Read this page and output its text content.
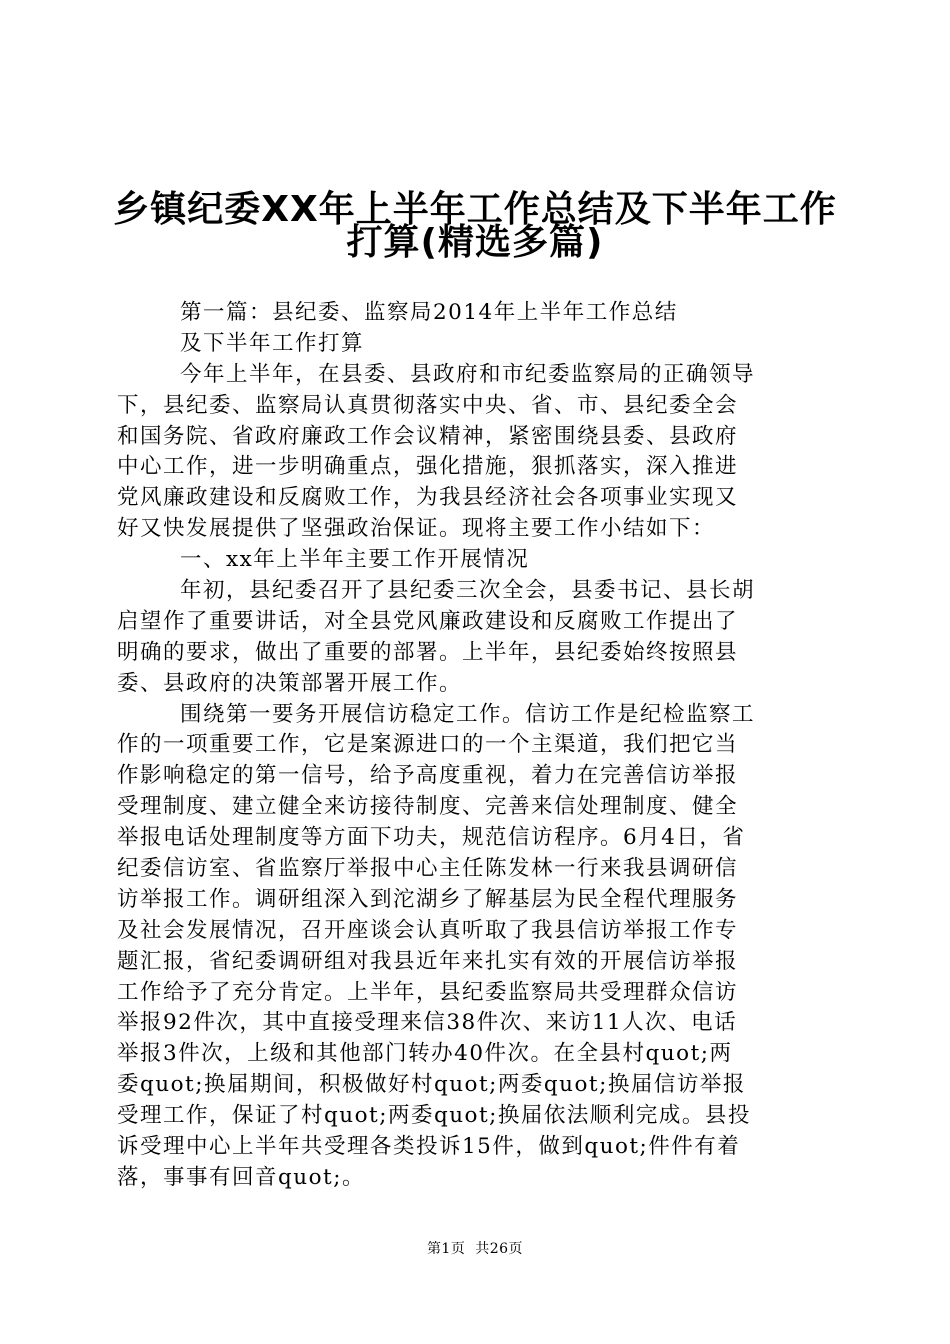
乡镇纪委XX年上半年工作总结及下半年工作
打算(精选多篇)
第一篇：县纪委、监察局2014年上半年工作总结
及下半年工作打算
今年上半年，在县委、县政府和市纪委监察局的正确领导
下，县纪委、监察局认真贯彻落实中央、省、市、县纪委全会
和国务院、省政府廉政工作会议精神，紧密围绕县委、县政府
中心工作，进一步明确重点，强化措施，狠抓落实，深入推进
党风廉政建设和反腐败工作，为我县经济社会各项事业实现又
好又快发展提供了坚强政治保证。现将主要工作小结如下：
一、xx年上半年主要工作开展情况
年初，县纪委召开了县纪委三次全会，县委书记、县长胡
启望作了重要讲话，对全县党风廉政建设和反腐败工作提出了
明确的要求，做出了重要的部署。上半年，县纪委始终按照县
委、县政府的决策部署开展工作。
围绕第一要务开展信访稳定工作。信访工作是纪检监察工
作的一项重要工作，它是案源进口的一个主渠道，我们把它当
作影响稳定的第一信号，给予高度重视，着力在完善信访举报
受理制度、建立健全来访接待制度、完善来信处理制度、健全
举报电话处理制度等方面下功夫，规范信访程序。6月4日，省
纪委信访室、省监察厅举报中心主任陈发林一行来我县调研信
访举报工作。调研组深入到沱湖乡了解基层为民全程代理服务
及社会发展情况，召开座谈会认真听取了我县信访举报工作专
题汇报，省纪委调研组对我县近年来扎实有效的开展信访举报
工作给予了充分肯定。上半年，县纪委监察局共受理群众信访
举报92件次，其中直接受理来信38件次、来访11人次、电话
举报3件次，上级和其他部门转办40件次。在全县村quot;两
委quot;换届期间，积极做好村quot;两委quot;换届信访举报
受理工作，保证了村quot;两委quot;换届依法顺利完成。县投
诉受理中心上半年共受理各类投诉15件，做到quot;件件有着
落，事事有回音quot;。
第1页  共26页
